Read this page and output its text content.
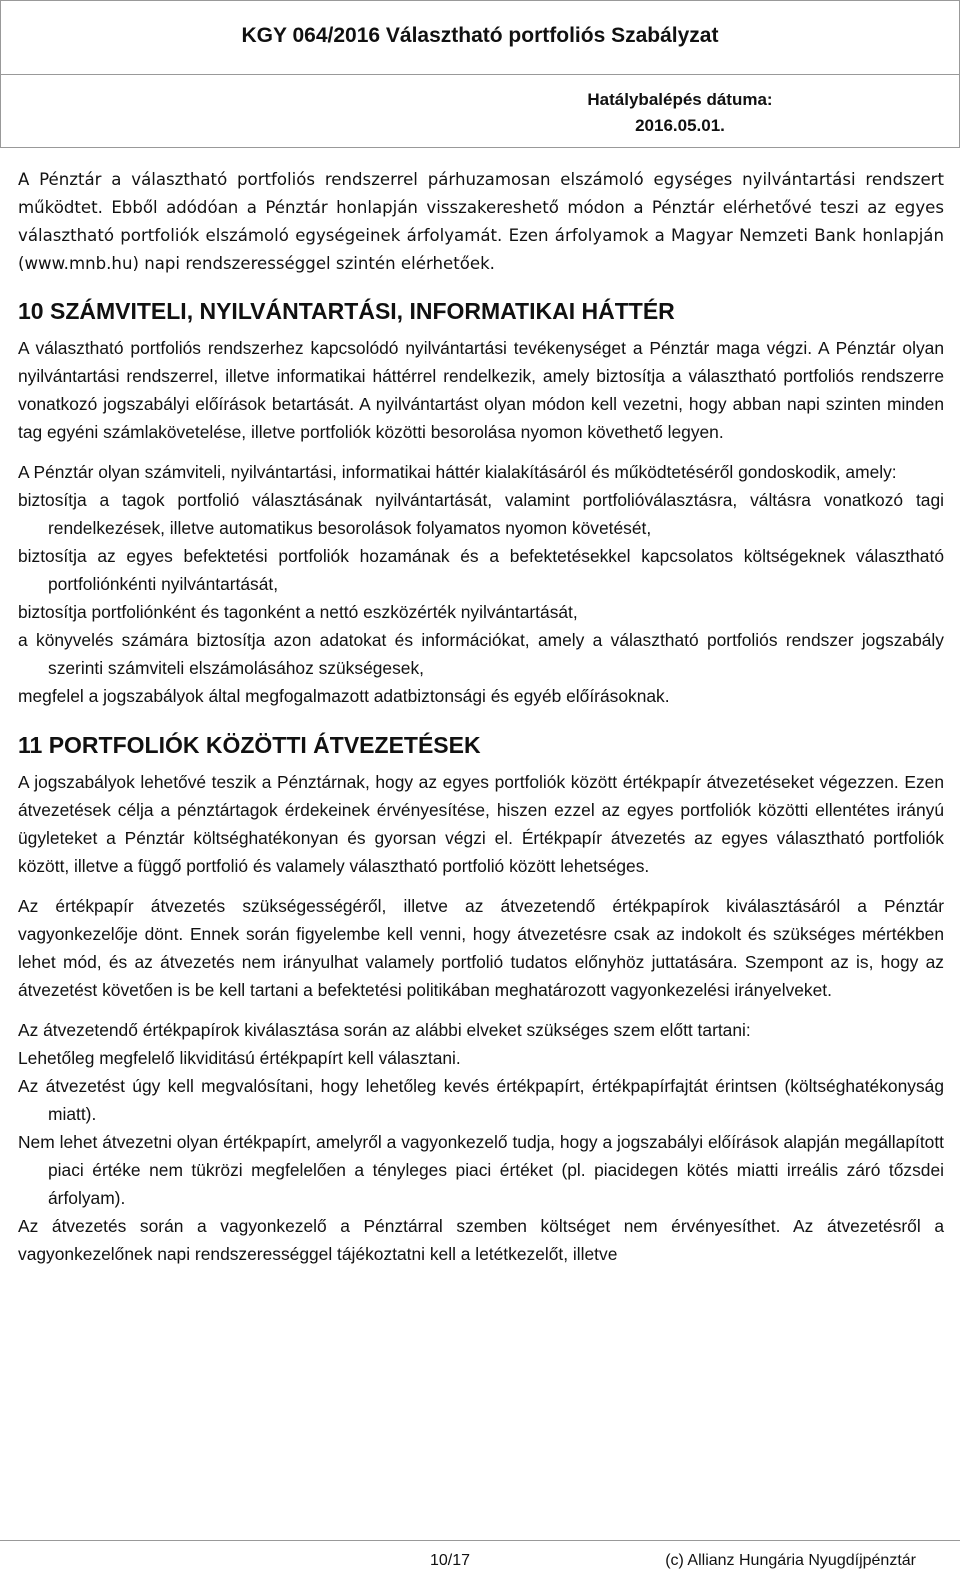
KGY 064/2016 Választható portfoliós Szabályzat
Hatálybalépés dátuma:
2016.05.01.

A Pénztár a választható portfoliós rendszerrel párhuzamosan elszámoló egységes nyilvántartási rendszert működtet. Ebből adódóan a Pénztár honlapján visszakereshető módon a Pénztár elérhetővé teszi az egyes választható portfoliók elszámoló egységeinek árfolyamát. Ezen árfolyamok a Magyar Nemzeti Bank honlapján (www.mnb.hu) napi rendszerességgel szintén elérhetőek.

10 SZÁMVITELI, NYILVÁNTARTÁSI, INFORMATIKAI HÁTTÉR

A választható portfoliós rendszerhez kapcsolódó nyilvántartási tevékenységet a Pénztár maga végzi. A Pénztár olyan nyilvántartási rendszerrel, illetve informatikai háttérrel rendelkezik, amely biztosítja a választható portfoliós rendszerre vonatkozó jogszabályi előírások betartását. A nyilvántartást olyan módon kell vezetni, hogy abban napi szinten minden tag egyéni számlakövetelése, illetve portfoliók közötti besorolása nyomon követhető legyen.

A Pénztár olyan számviteli, nyilvántartási, informatikai háttér kialakításáról és működtetéséről gondoskodik, amely:

biztosítja a tagok portfolió választásának nyilvántartását, valamint portfolióválasztásra, váltásra vonatkozó tagi rendelkezések, illetve automatikus besorolások folyamatos nyomon követését,

biztosítja az egyes befektetési portfoliók hozamának és a befektetésekkel kapcsolatos költségeknek választható portfoliónkénti nyilvántartását,

biztosítja portfoliónként és tagonként a nettó eszközérték nyilvántartását,

a könyvelés számára biztosítja azon adatokat és információkat, amely a választható portfoliós rendszer jogszabály szerinti számviteli elszámolásához szükségesek,

megfelel a jogszabályok által megfogalmazott adatbiztonsági és egyéb előírásoknak.

11 PORTFOLIÓK KÖZÖTTI ÁTVEZETÉSEK

A jogszabályok lehetővé teszik a Pénztárnak, hogy az egyes portfoliók között értékpapír átvezetéseket végezzen. Ezen átvezetések célja a pénztártagok érdekeinek érvényesítése, hiszen ezzel az egyes portfoliók közötti ellentétes irányú ügyleteket a Pénztár költséghatékonyan és gyorsan végzi el. Értékpapír átvezetés az egyes választható portfoliók között, illetve a függő portfolió és valamely választható portfolió között lehetséges.

Az értékpapír átvezetés szükségességéről, illetve az átvezetendő értékpapírok kiválasztásáról a Pénztár vagyonkezelője dönt. Ennek során figyelembe kell venni, hogy átvezetésre csak az indokolt és szükséges mértékben lehet mód, és az átvezetés nem irányulhat valamely portfolió tudatos előnyhöz juttatására. Szempont az is, hogy az átvezetést követően is be kell tartani a befektetési politikában meghatározott vagyonkezelési irányelveket.

Az átvezetendő értékpapírok kiválasztása során az alábbi elveket szükséges szem előtt tartani:

Lehetőleg megfelelő likviditású értékpapírt kell választani.

Az átvezetést úgy kell megvalósítani, hogy lehetőleg kevés értékpapírt, értékpapírfajtát érintsen (költséghatékonyság miatt).

Nem lehet átvezetni olyan értékpapírt, amelyről a vagyonkezelő tudja, hogy a jogszabályi előírások alapján megállapított piaci értéke nem tükrözi megfelelően a tényleges piaci értéket (pl. piacidegen kötés miatti irreális záró tőzsdei árfolyam).

Az átvezetés során a vagyonkezelő a Pénztárral szemben költséget nem érvényesíthet. Az átvezetésről a vagyonkezelőnek napi rendszerességgel tájékoztatni kell a letétkezelőt, illetve

10/17	(c) Allianz Hungária Nyugdíjpénztár
